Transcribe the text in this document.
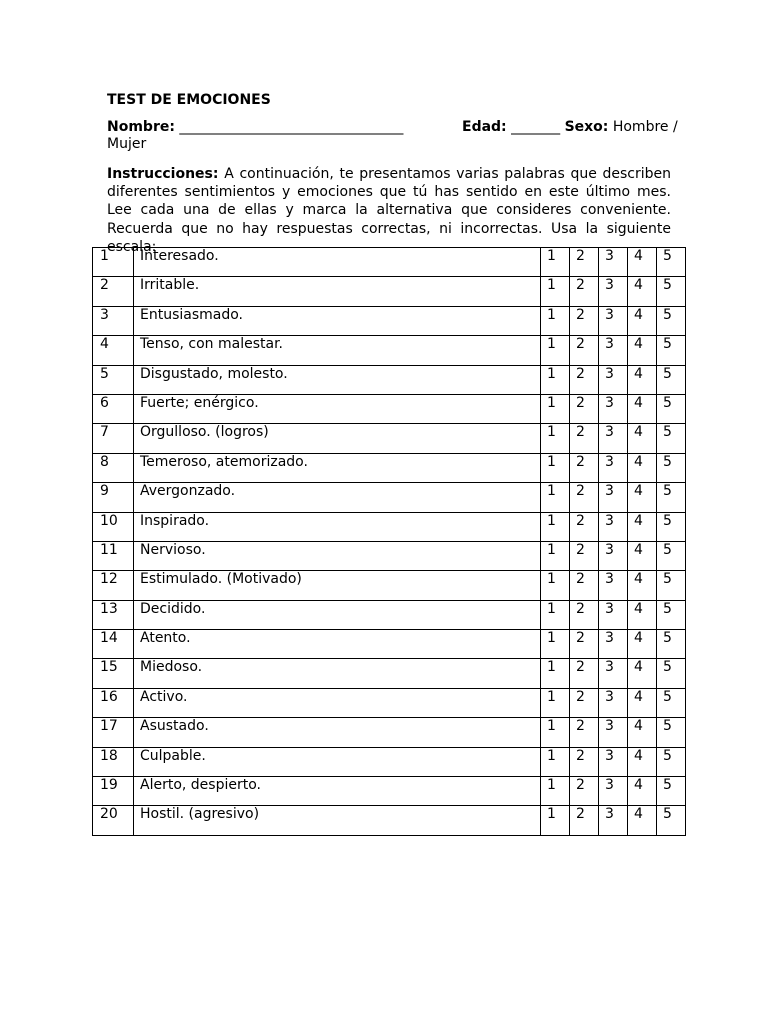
TEST DE EMOCIONES
Nombre: ________________________________	Edad: _______ Sexo: Hombre /
Mujer
Instrucciones: A continuación, te presentamos varias palabras que describen diferentes sentimientos y emociones que tú has sentido en este último mes. Lee cada una de ellas y marca la alternativa que consideres conveniente. Recuerda que no hay respuestas correctas, ni incorrectas. Usa la siguiente escala:
1	Interesado.	1	2	3	4	5
2	Irritable.	1	2	3	4	5
3	Entusiasmado.	1	2	3	4	5
4	Tenso, con malestar.	1	2	3	4	5
5	Disgustado, molesto.	1	2	3	4	5
6	Fuerte; enérgico.	1	2	3	4	5
7	Orgulloso. (logros)	1	2	3	4	5
8	Temeroso, atemorizado.	1	2	3	4	5
9	Avergonzado.	1	2	3	4	5
10	Inspirado.	1	2	3	4	5
11	Nervioso.	1	2	3	4	5
12	Estimulado. (Motivado)	1	2	3	4	5
13	Decidido.	1	2	3	4	5
14	Atento.	1	2	3	4	5
15	Miedoso.	1	2	3	4	5
16	Activo.	1	2	3	4	5
17	Asustado.	1	2	3	4	5
18	Culpable.	1	2	3	4	5
19	Alerto, despierto.	1	2	3	4	5
20	Hostil. (agresivo)	1	2	3	4	5
